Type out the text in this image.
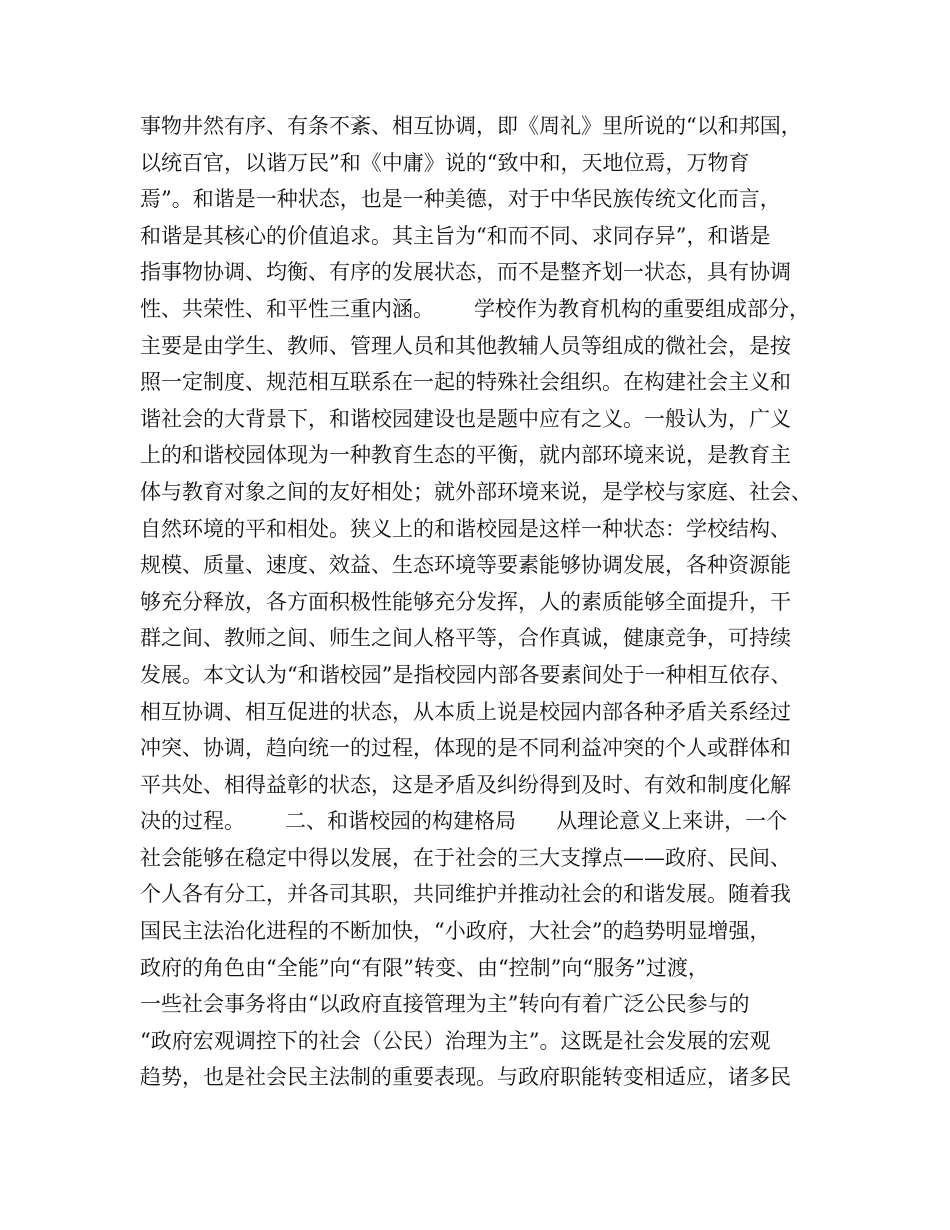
事物井然有序、有条不紊、相互协调，即《周礼》里所说的“以和邦国，
以统百官，以谐万民”和《中庸》说的“致中和，天地位焉，万物育
焉”。和谐是一种状态，也是一种美德，对于中华民族传统文化而言，
和谐是其核心的价值追求。其主旨为“和而不同、求同存异”，和谐是
指事物协调、均衡、有序的发展状态，而不是整齐划一状态，具有协调
性、共荣性、和平性三重内涵。      学校作为教育机构的重要组成部分，
主要是由学生、教师、管理人员和其他教辅人员等组成的微社会，是按
照一定制度、规范相互联系在一起的特殊社会组织。在构建社会主义和
谐社会的大背景下，和谐校园建设也是题中应有之义。一般认为，广义
上的和谐校园体现为一种教育生态的平衡，就内部环境来说，是教育主
体与教育对象之间的友好相处；就外部环境来说，是学校与家庭、社会、
自然环境的平和相处。狭义上的和谐校园是这样一种状态：学校结构、
规模、质量、速度、效益、生态环境等要素能够协调发展，各种资源能
够充分释放，各方面积极性能够充分发挥，人的素质能够全面提升，干
群之间、教师之间、师生之间人格平等，合作真诚，健康竞争，可持续
发展。本文认为“和谐校园”是指校园内部各要素间处于一种相互依存、
相互协调、相互促进的状态，从本质上说是校园内部各种矛盾关系经过
冲突、协调，趋向统一的过程，体现的是不同利益冲突的个人或群体和
平共处、相得益彰的状态，这是矛盾及纠纷得到及时、有效和制度化解
决的过程。      二、和谐校园的构建格局      从理论意义上来讲，一个
社会能够在稳定中得以发展，在于社会的三大支撑点——政府、民间、
个人各有分工，并各司其职，共同维护并推动社会的和谐发展。随着我
国民主法治化进程的不断加快，“小政府，大社会”的趋势明显增强，
政府的角色由“全能”向“有限”转变、由“控制”向“服务”过渡，
一些社会事务将由“以政府直接管理为主”转向有着广泛公民参与的
“政府宏观调控下的社会（公民）治理为主”。这既是社会发展的宏观
趋势，也是社会民主法制的重要表现。与政府职能转变相适应，诸多民
